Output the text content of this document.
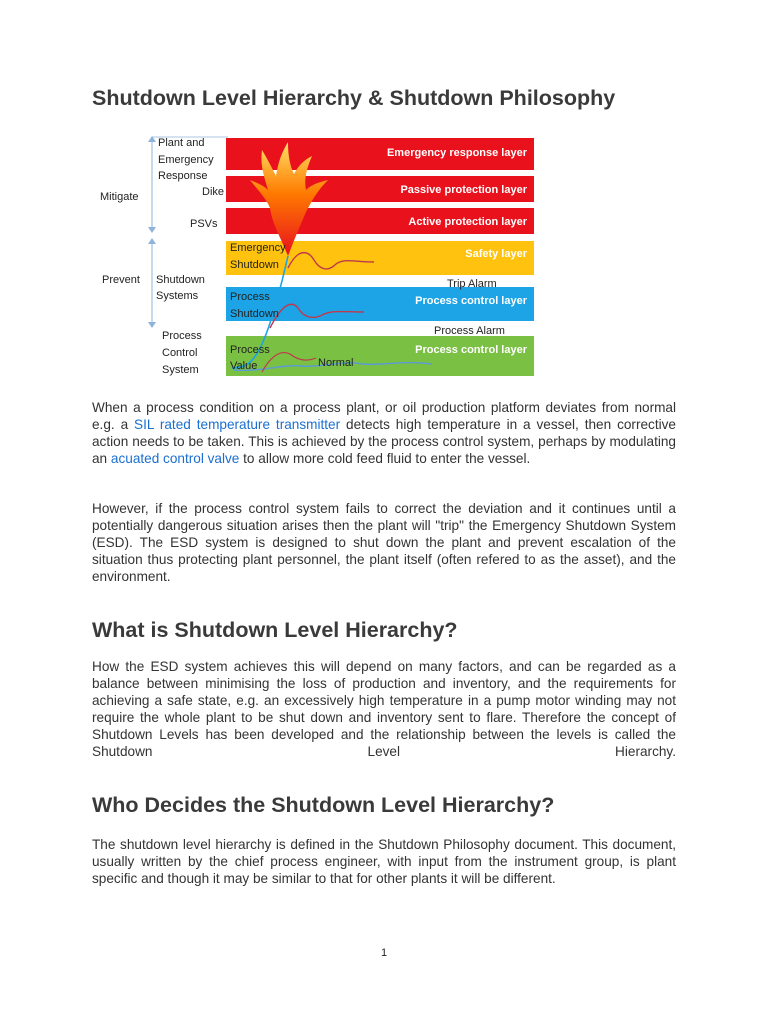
Shutdown Level Hierarchy & Shutdown Philosophy
Emergency response layer
Passive protection layer
Active protection layer
Safety layer
Process control layer
Process control layer
Emergency
Shutdown
Process
Shutdown
Process
Value	Normal
Trip Alarm
Process Alarm
Plant and
Emergency
Response
Dike
PSVs
Mitigate
Prevent Shutdown
Systems
Process
Control
System

When a process condition on a process plant, or oil production platform deviates from normal e.g. a SIL rated temperature transmitter detects high temperature in a vessel, then corrective action needs to be taken. This is achieved by the process control system, perhaps by modulating an acuated control valve to allow more cold feed fluid to enter the vessel.

However, if the process control system fails to correct the deviation and it continues until a potentially dangerous situation arises then the plant will "trip" the Emergency Shutdown System (ESD). The ESD system is designed to shut down the plant and prevent escalation of the situation thus protecting plant personnel, the plant itself (often refered to as the asset), and the environment.

What is Shutdown Level Hierarchy?

How the ESD system achieves this will depend on many factors, and can be regarded as a balance between minimising the loss of production and inventory, and the requirements for achieving a safe state, e.g. an excessively high temperature in a pump motor winding may not require the whole plant to be shut down and inventory sent to flare. Therefore the concept of Shutdown Levels has been developed and the relationship between the levels is called the Shutdown Level Hierarchy.

Who Decides the Shutdown Level Hierarchy?

The shutdown level hierarchy is defined in the Shutdown Philosophy document. This document, usually written by the chief process engineer, with input from the instrument group, is plant specific and though it may be similar to that for other plants it will be different.

1
